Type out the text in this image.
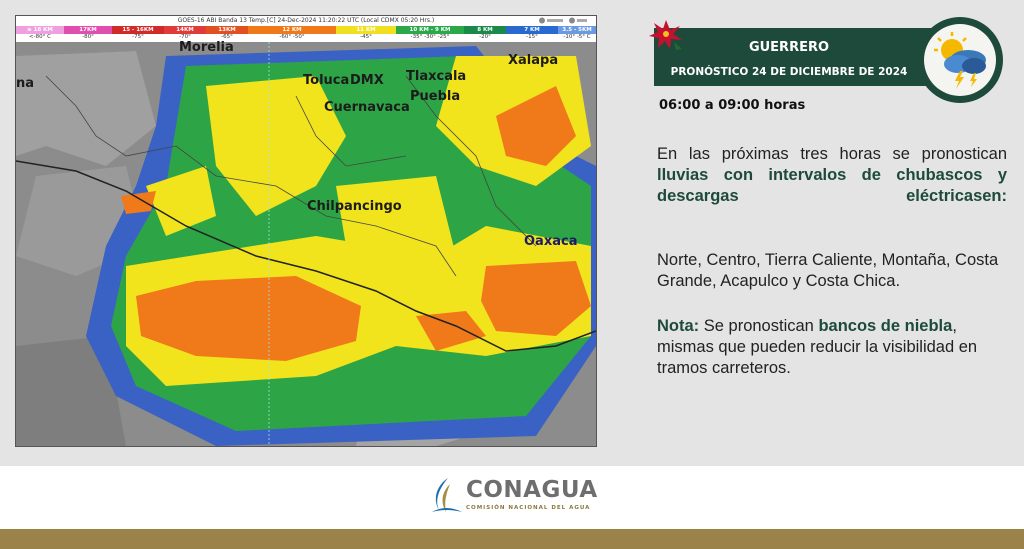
GOES-16 ABI Banda 13 Temp.[C] 24-Dec-2024 11:20:22 UTC (Local CDMX 05:20 Hrs.)
≥ 18 KM
<-80° C
17KM
-80°
15 - 16KM
-75°
14KM
-70°
13KM
-65°
12 KM
-60° -50°
11 KM
-45°
10 KM - 9 KM
-35° -30° -25°
8 KM
-20°
7 KM
-15°
3.5 - 5KM
-10° -5° C
Morelia
Toluca DMX Tlaxcala
Xalapa
Cuernavaca
Puebla
Chilpancingo
Oaxaca
na
GUERRERO
PRONÓSTICO 24 DE DICIEMBRE DE 2024
06:00 a 09:00 horas
En las próximas tres horas se pronostican lluvias con intervalos de chubascos y descargas eléctricasen:
Norte, Centro, Tierra Caliente, Montaña, Costa Grande, Acapulco y Costa Chica.
Nota: Se pronostican bancos de niebla, mismas que pueden reducir la visibilidad en tramos carreteros.
CONAGUA
COMISIÓN NACIONAL DEL AGUA
